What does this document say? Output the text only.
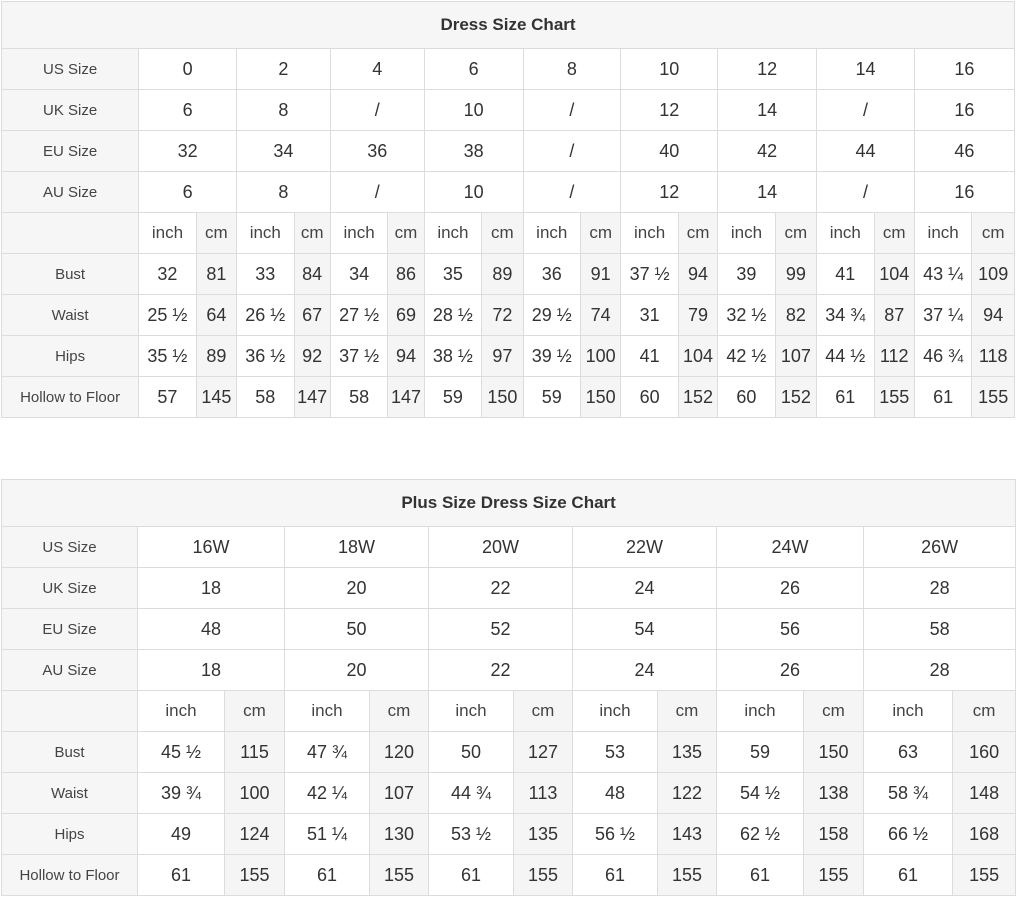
Dress Size Chart																		
US Size	0		2		4		6		8		10		12		14		16	
UK Size	6		8		/		10		/		12		14		/		16	
EU Size	32		34		36		38		/		40		42		44		46	
AU Size	6		8		/		10		/		12		14		/		16	
	inch	cm	inch	cm	inch	cm	inch	cm	inch	cm	inch	cm	inch	cm	inch	cm	inch	cm
Bust	32	81	33	84	34	86	35	89	36	91	37 ½	94	39	99	41	104	43 ¼	109
Waist	25 ½	64	26 ½	67	27 ½	69	28 ½	72	29 ½	74	31	79	32 ½	82	34 ¾	87	37 ¼	94
Hips	35 ½	89	36 ½	92	37 ½	94	38 ½	97	39 ½	100	41	104	42 ½	107	44 ½	112	46 ¾	118
Hollow to Floor	57	145	58	147	58	147	59	150	59	150	60	152	60	152	61	155	61	155
Plus Size Dress Size Chart												
US Size	16W		18W		20W		22W		24W		26W	
UK Size	18		20		22		24		26		28	
EU Size	48		50		52		54		56		58	
AU Size	18		20		22		24		26		28	
	inch	cm	inch	cm	inch	cm	inch	cm	inch	cm	inch	cm
Bust	45 ½	115	47 ¾	120	50	127	53	135	59	150	63	160
Waist	39 ¾	100	42 ¼	107	44 ¾	113	48	122	54 ½	138	58 ¾	148
Hips	49	124	51 ¼	130	53 ½	135	56 ½	143	62 ½	158	66 ½	168
Hollow to Floor	61	155	61	155	61	155	61	155	61	155	61	155
